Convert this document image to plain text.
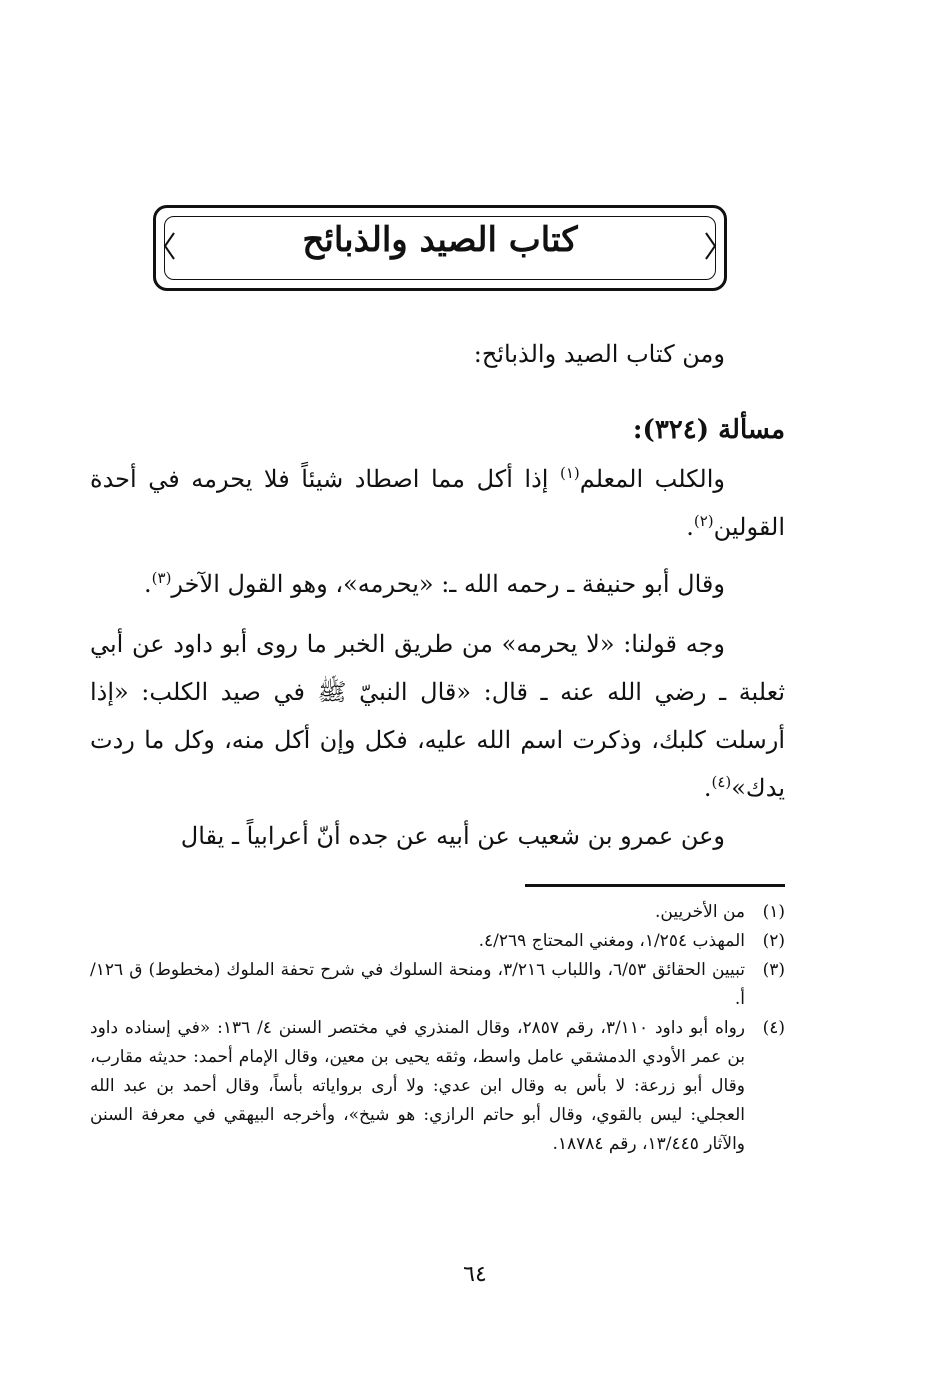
كتاب الصيد والذبائح
ومن كتاب الصيد والذبائح:
مسألة (٣٢٤):
والكلب المعلم$^{(١)}$ إذا أكل مما اصطاد شيئاً فلا يحرمه في أحدة القولين$^{(٢)}$.
وقال أبو حنيفة ـ رحمه الله ـ: «يحرمه»، وهو القول الآخر$^{(٣)}$.
وجه قولنا: «لا يحرمه» من طريق الخبر ما روى أبو داود عن أبي ثعلبة ـ رضي الله عنه ـ قال: «قال النبيّ ﷺ في صيد الكلب: «إذا أرسلت كلبك، وذكرت اسم الله عليه، فكل وإن أكل منه، وكل ما ردت يدك»$^{(٤)}$.
وعن عمرو بن شعيب عن أبيه عن جده أنّ أعرابياً ـ يقال
(١)
من الأخريين.
(٢)
المهذب ١/٢٥٤، ومغني المحتاج ٤/٢٦٩.
(٣)
تبيين الحقائق ٦/٥٣، واللباب ٣/٢١٦، ومنحة السلوك في شرح تحفة الملوك (مخطوط) ق ١٢٦/ أ.
(٤)
رواه أبو داود ٣/١١٠، رقم ٢٨٥٧، وقال المنذري في مختصر السنن ٤/ ١٣٦: «في إسناده داود بن عمر الأودي الدمشقي عامل واسط، وثقه يحيى بن معين، وقال الإمام أحمد: حديثه مقارب، وقال أبو زرعة: لا بأس به وقال ابن عدي: ولا أرى برواياته بأساً، وقال أحمد بن عبد الله العجلي: ليس بالقوي، وقال أبو حاتم الرازي: هو شيخ»، وأخرجه البيهقي في معرفة السنن والآثار ١٣/٤٤٥، رقم ١٨٧٨٤.
٦٤
